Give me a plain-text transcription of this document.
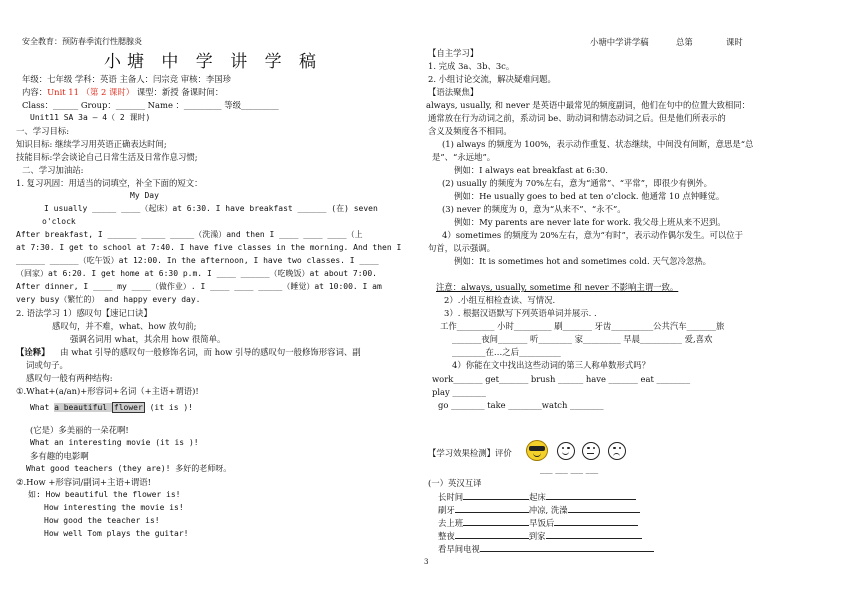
安全教育：预防春季流行性腮腺炎
小塘 中 学 讲 学 稿
年级：七年级 学科：英语 主备人：闫宗竞 审核：李国珍
内容：Unit 11 （第 2 课时） 课型：新授 备课时间：
Class：______ Group：_______ Name ：_________ 等级_________
Unit11 SA 3a — 4（ 2 课时)
一、学习目标:
知识目标: 继续学习用英语正确表达时间;
技能目标:学会谈论自己日常生活及日常作息习惯;
二、学习加油站:
1. 复习巩固：用适当的词填空，补全下面的短文：
My Day
I usually _____ ____（起床）at 6:30. I have breakfast ______ (在) seven
o'clock
After breakfast, I ______ _____ _____（洗澡）and then I ____ ____ ____（上
at 7:30. I get to school at 7:40. I have five classes in the morning. And then I
______ ______（吃午饭）at 12:00. In the afternoon, I have two classes. I ____
（回家）at 6:20. I get home at 6:30 p.m. I ____ ______（吃晚饭）at about 7:00.
After dinner, I ____ my ____（做作业）. I ____ ____ _____（睡觉）at 10:00. I am
very busy（繁忙的） and happy every day.
2. 语法学习 1）感叹句【速记口诀】
感叹句，并不难，what、how 放句前;
强调名词用 what，其余用 how 很简单。
【诠释】 由 what 引导的感叹句一般修饰名词，而 how 引导的感叹句一般修饰形容词、副
词或句子。
感叹句一般有两种结构:
①.What+(a/an)+形容词+名词（+主语+谓语)!
What a beautiful flower (it is )!
(它是）多美丽的一朵花啊!
What an interesting movie (it is )!
多有趣的电影啊
What good teachers (they are)! 多好的老师呀。
②.How +形容词/副词+主语+谓语!
如: How beautiful the flower is!
How interesting the movie is!
How good the teacher is!
How well Tom plays the guitar!
小塘中学讲学稿	总第	课时
【自主学习】
1. 完成 3a、3b、3c。
2. 小组讨论交流，解决疑难问题。
【语法聚焦】
always, usually, 和 never 是英语中最常见的频度副词，他们在句中的位置大致相同：
通常放在行为动词之前，系动词 be、助动词和情态动词之后。但是他们所表示的
含义及频度各不相同。
(1) always 的频度为 100%，表示动作重复、状态继续，中间没有间断，意思是“总
是”、“永远地”。
例如：I always eat breakfast at 6:30.
(2) usually 的频度为 70%左右，意为“通常”、“平常”，即很少有例外。
例如：He usually goes to bed at ten o’clock. 他通常 10 点钟睡觉。
(3) never 的频度为 0，意为“从来不”、“永不”。
例如：My parents are never late for work. 我父母上班从来不迟到。
4）sometimes 的频度为 20%左右，意为“有时”，表示动作偶尔发生。可以位于
句首，以示强调。
例如：It is sometimes hot and sometimes cold. 天气忽冷忽热。
注意：always, usually, sometime 和 never 不影响主谓一致。
2）.小组互相检查读、写情况.
3）. 根据汉语默写下列英语单词并展示. .
工作_________ 小时_________ 刷_______ 牙齿__________公共汽车_______旅
_______夜间_______ 听________ 家_________ 早晨__________ 爱,喜欢
________在…之后__________
4）你能在文中找出这些动词的第三人称单数形式吗？
work_______ get_______ brush ______ have _______ eat ________
play ________
go ________ take ________watch ________
【学习效果检测】评价

___ ___ ___ ___
(一）英汉互译
长时间	起床
刷牙	冲凉, 洗澡
去上班	早饭后
整夜	到家
看早间电视
3
